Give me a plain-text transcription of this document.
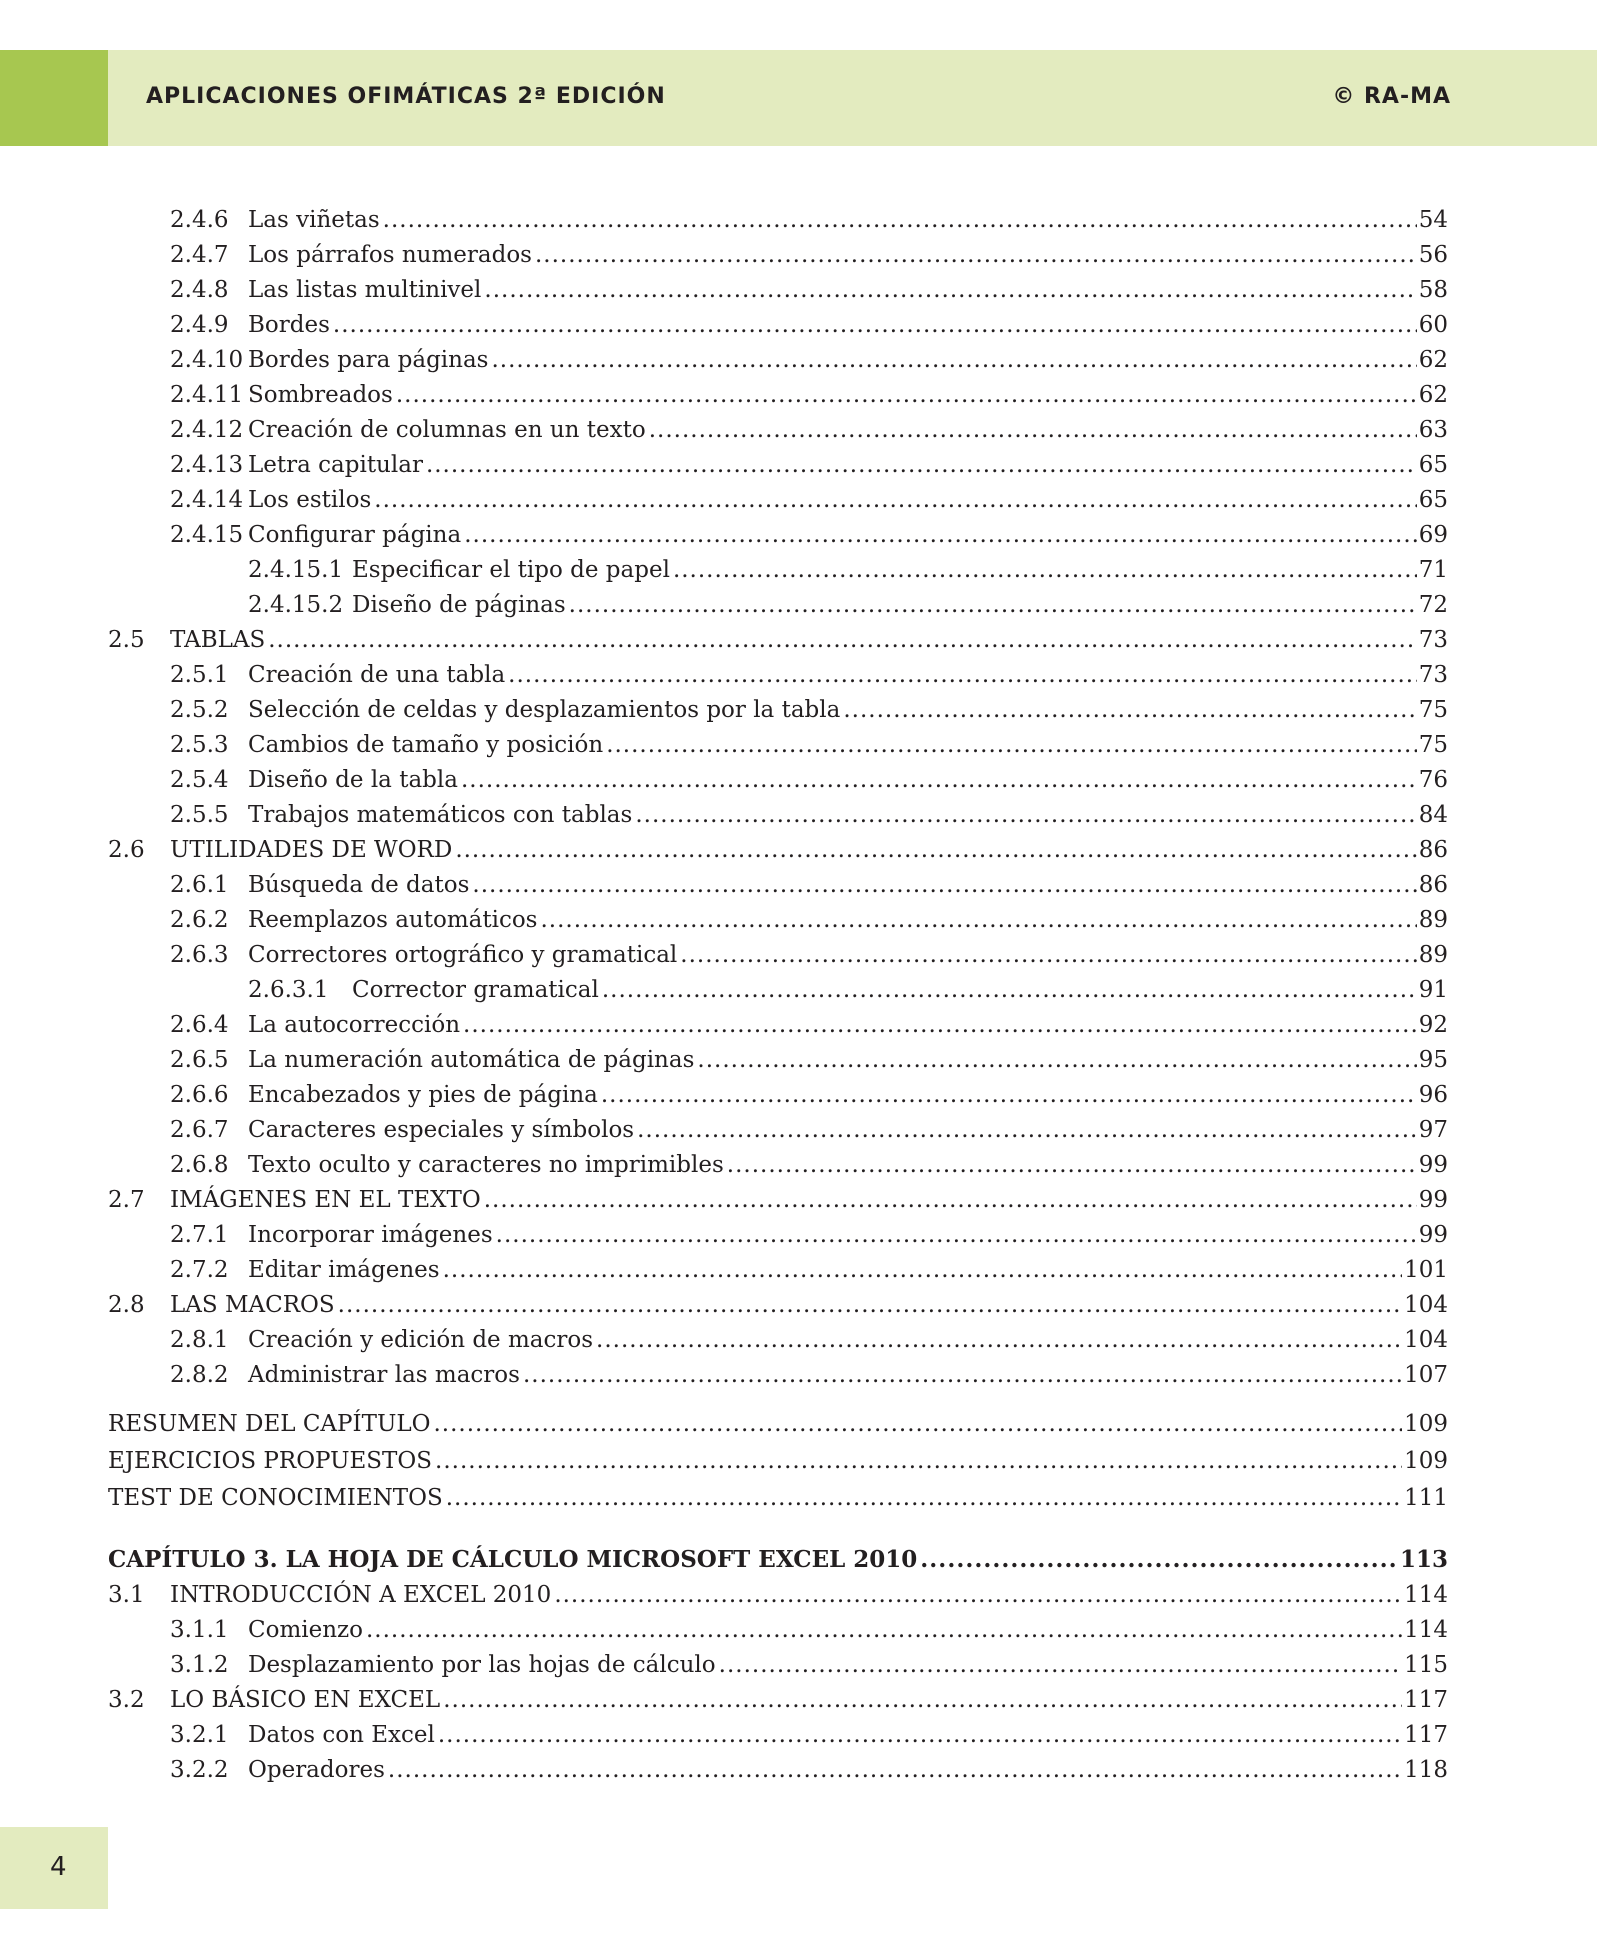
APLICACIONES OFIMÁTICAS 2ª EDICIÓN	© RA-MA
2.4.6 Las viñetas .....	54
2.4.7 Los párrafos numerados .....	56
2.4.8 Las listas multinivel .....	58
2.4.9 Bordes .....	60
2.4.10 Bordes para páginas .....	62
2.4.11 Sombreados .....	62
2.4.12 Creación de columnas en un texto .....	63
2.4.13 Letra capitular .....	65
2.4.14 Los estilos .....	65
2.4.15 Configurar página .....	69
2.4.15.1 Especificar el tipo de papel .....	71
2.4.15.2 Diseño de páginas .....	72
2.5	TABLAS .....	73
2.5.1 Creación de una tabla .....	73
2.5.2 Selección de celdas y desplazamientos por la tabla .....	75
2.5.3 Cambios de tamaño y posición .....	75
2.5.4 Diseño de la tabla .....	76
2.5.5 Trabajos matemáticos con tablas .....	84
2.6	UTILIDADES DE WORD .....	86
2.6.1 Búsqueda de datos .....	86
2.6.2 Reemplazos automáticos .....	89
2.6.3 Correctores ortográfico y gramatical .....	89
2.6.3.1	Corrector gramatical .....	91
2.6.4 La autocorrección .....	92
2.6.5 La numeración automática de páginas .....	95
2.6.6 Encabezados y pies de página .....	96
2.6.7 Caracteres especiales y símbolos .....	97
2.6.8 Texto oculto y caracteres no imprimibles .....	99
2.7	IMÁGENES EN EL TEXTO .....	99
2.7.1 Incorporar imágenes .....	99
2.7.2 Editar imágenes .....	101
2.8	LAS MACROS .....	104
2.8.1 Creación y edición de macros .....	104
2.8.2 Administrar las macros .....	107
RESUMEN DEL CAPÍTULO .....	109
EJERCICIOS PROPUESTOS .....	109
TEST DE CONOCIMIENTOS .....	111
CAPÍTULO 3. LA HOJA DE CÁLCULO MICROSOFT EXCEL 2010 .....	113
3.1	INTRODUCCIÓN A EXCEL 2010 .....	114
3.1.1 Comienzo .....	114
3.1.2 Desplazamiento por las hojas de cálculo .....	115
3.2	LO BÁSICO EN EXCEL .....	117
3.2.1 Datos con Excel .....	117
3.2.2 Operadores .....	118
4
